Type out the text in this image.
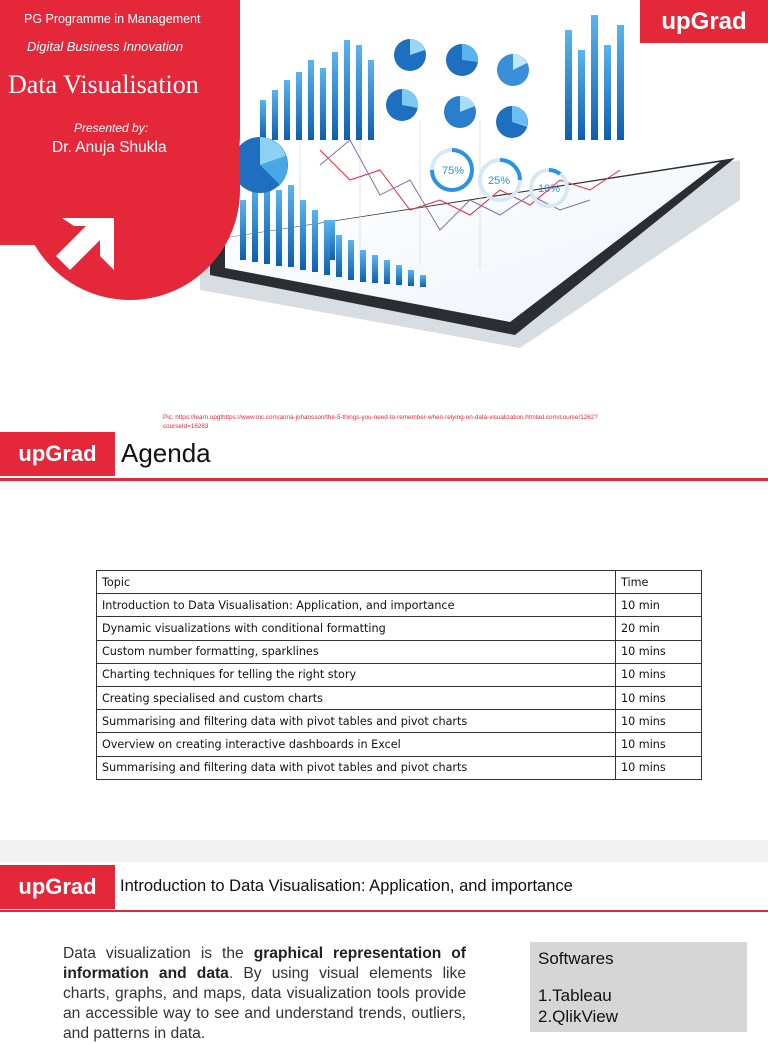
75%
25%
10%
PG Programme in Management
Digital Business Innovation
Data Visualisation
Presented by:
Dr. Anuja Shukla
upGrad
Pic: https://learn.upgthttps://www.inc.com/anna-johansson/the-5-things-you-need-to-remember-when-relying-on-data-visualization.htmlad.com/course/1262?courseId=16283
upGrad Agenda
Topic	Time
Introduction to Data Visualisation: Application, and importance	10 min
Dynamic visualizations with conditional formatting	20 min
Custom number formatting, sparklines	10 mins
Charting techniques for telling the right story	10 mins
Creating specialised and custom charts	10 mins
Summarising and filtering data with pivot tables and pivot charts	10 mins
Overview on creating interactive dashboards in Excel	10 mins
Summarising and filtering data with pivot tables and pivot charts	10 mins
upGrad	Introduction to Data Visualisation: Application, and importance

Data visualization is the graphical representation of information and data. By using visual elements like charts, graphs, and maps, data visualization tools provide an accessible way to see and understand trends, outliers, and patterns in data.

Softwares
1.Tableau
2.QlikView
